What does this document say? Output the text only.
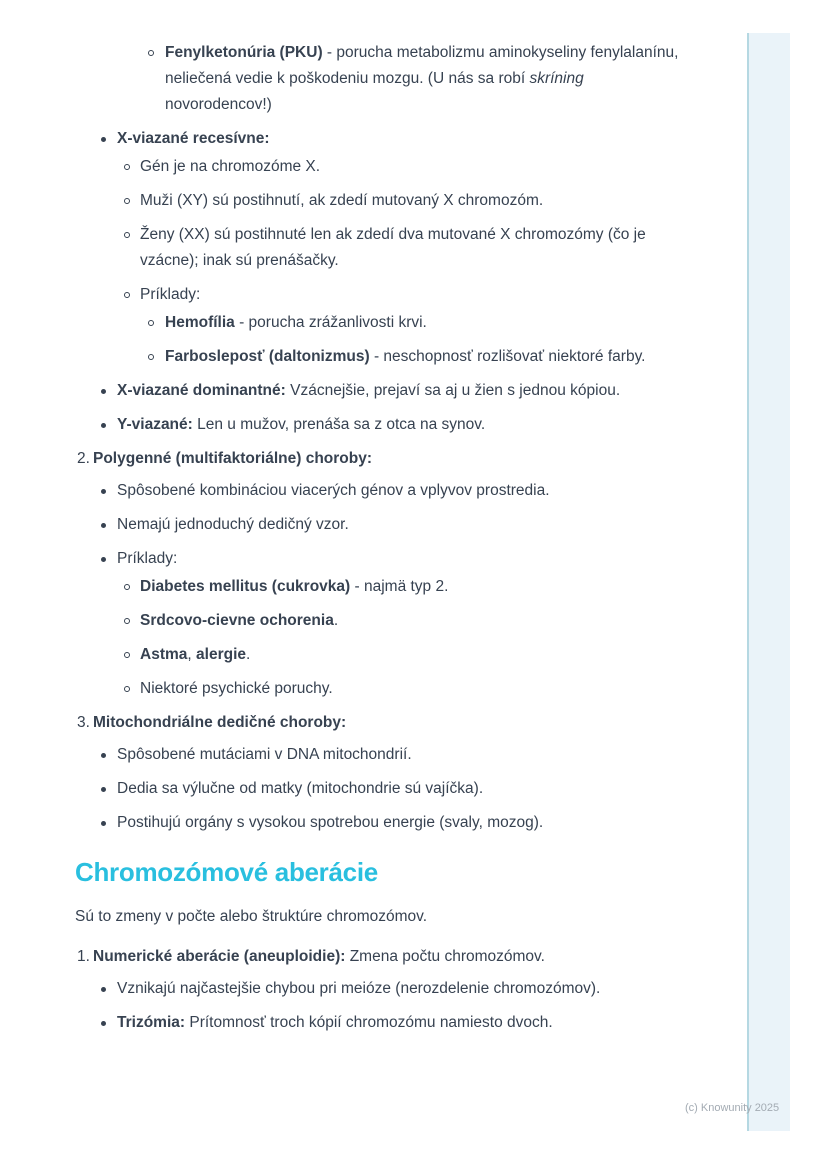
(c) Knowunity 2025
Fenylketonúria (PKU) - porucha metabolizmu aminokyseliny fenylalanínu, neliečená vedie k poškodeniu mozgu. (U nás sa robí skríning novorodencov!)
X-viazané recesívne:
Gén je na chromozóme X.
Muži (XY) sú postihnutí, ak zdedí mutovaný X chromozóm.
Ženy (XX) sú postihnuté len ak zdedí dva mutované X chromozómy (čo je vzácne); inak sú prenášačky.
Príklady:
Hemofília - porucha zrážanlivosti krvi.
Farbosleposť (daltonizmus) - neschopnosť rozlišovať niektoré farby.
X-viazané dominantné: Vzácnejšie, prejaví sa aj u žien s jednou kópiou.
Y-viazané: Len u mužov, prenáša sa z otca na synov.
2. Polygenné (multifaktoriálne) choroby:
Spôsobené kombináciou viacerých génov a vplyvov prostredia.
Nemajú jednoduchý dedičný vzor.
Príklady:
Diabetes mellitus (cukrovka) - najmä typ 2.
Srdcovo-cievne ochorenia.
Astma, alergie.
Niektoré psychické poruchy.
3. Mitochondriálne dedičné choroby:
Spôsobené mutáciami v DNA mitochondrií.
Dedia sa výlučne od matky (mitochondrie sú vajíčka).
Postihujú orgány s vysokou spotrebou energie (svaly, mozog).
Chromozómové aberácie

Sú to zmeny v počte alebo štruktúre chromozómov.

1. Numerické aberácie (aneuploidie): Zmena počtu chromozómov.
Vznikajú najčastejšie chybou pri meióze (nerozdelenie chromozómov).
Trizómia: Prítomnosť troch kópií chromozómu namiesto dvoch.
